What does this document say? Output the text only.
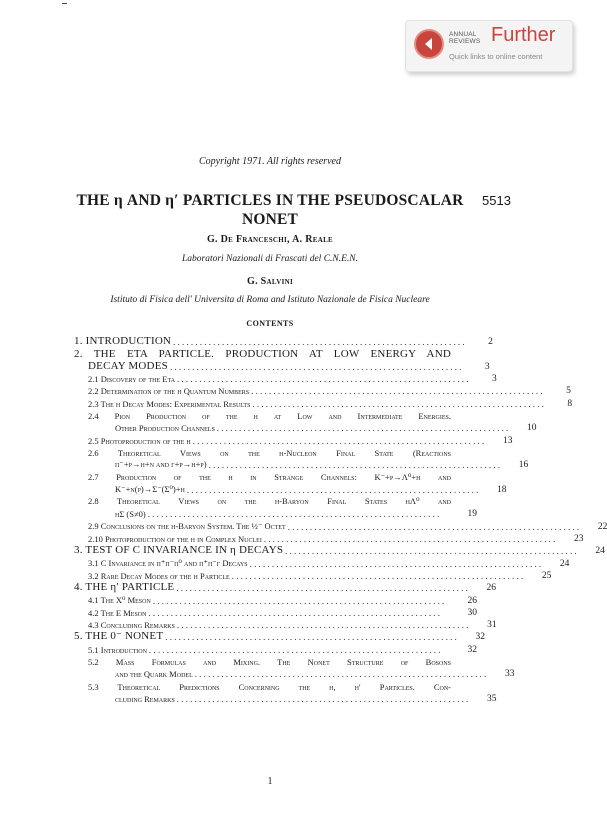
ANNUAL
REVIEWS Further
Quick links to online content
Copyright 1971. All rights reserved
THE η AND η′ PARTICLES IN THE PSEUDOSCALAR
NONET
5513
G. De Franceschi, A. Reale
Laboratori Nazionali di Frascati del C.N.E.N.
G. Salvini
Istituto di Fisica dell' Universita di Roma and Istituto Nazionale de Fisica Nucleare
CONTENTS
1. INTRODUCTION ..................................................................	2
2. THE ETA PARTICLE. PRODUCTION AT LOW ENERGY AND
DECAY MODES ..................................................................	3
2.1 Discovery of the Eta ..................................................................	3
2.2 Determination of the η Quantum Numbers ..................................................................	5
2.3 The η Decay Modes: Experimental Results ..................................................................	8
2.4 Pion Production of the η at Low and Intermediate Energies.
Other Production Channels ..................................................................	10
2.5 Photoproduction of the η ..................................................................	13
2.6 Theoretical Views on the η-Nucleon Final State (Reactions
π⁻+p→η+n and γ+p→η+p) ..................................................................	16
2.7 Production of the η in Strange Channels: K⁻+p→Λ⁰+η and
K⁻+n(p)→Σ⁻(Σ⁰)+η ..................................................................	18
2.8 Theoretical Views on the η-Baryon Final States ηΛ⁰ and
ηΣ (S≠0) ..................................................................	19
2.9 Conclusions on the η-Baryon System. The ½⁻ Octet ..................................................................	22
2.10 Photoproduction of the η in Complex Nuclei ..................................................................	23
3. TEST OF C INVARIANCE IN η DECAYS ..................................................................	24
3.1 C Invariance in π⁺π⁻π⁰ and π⁺π⁻γ Decays ..................................................................	24
3.2 Rare Decay Modes of the η Particle ..................................................................	25
4. THE η′ PARTICLE ..................................................................	26
4.1 The X⁰ Meson ..................................................................	26
4.2 The E Meson ..................................................................	30
4.3 Concluding Remarks ..................................................................	31
5. THE 0⁻ NONET ..................................................................	32
5.1 Introduction ..................................................................	32
5.2 Mass Formulas and Mixing. The Nonet Structure of Bosons
and the Quark Model ..................................................................	33
5.3 Theoretical Predictions Concerning the η, η′ Particles. Con-
cluding Remarks ..................................................................	35
1
